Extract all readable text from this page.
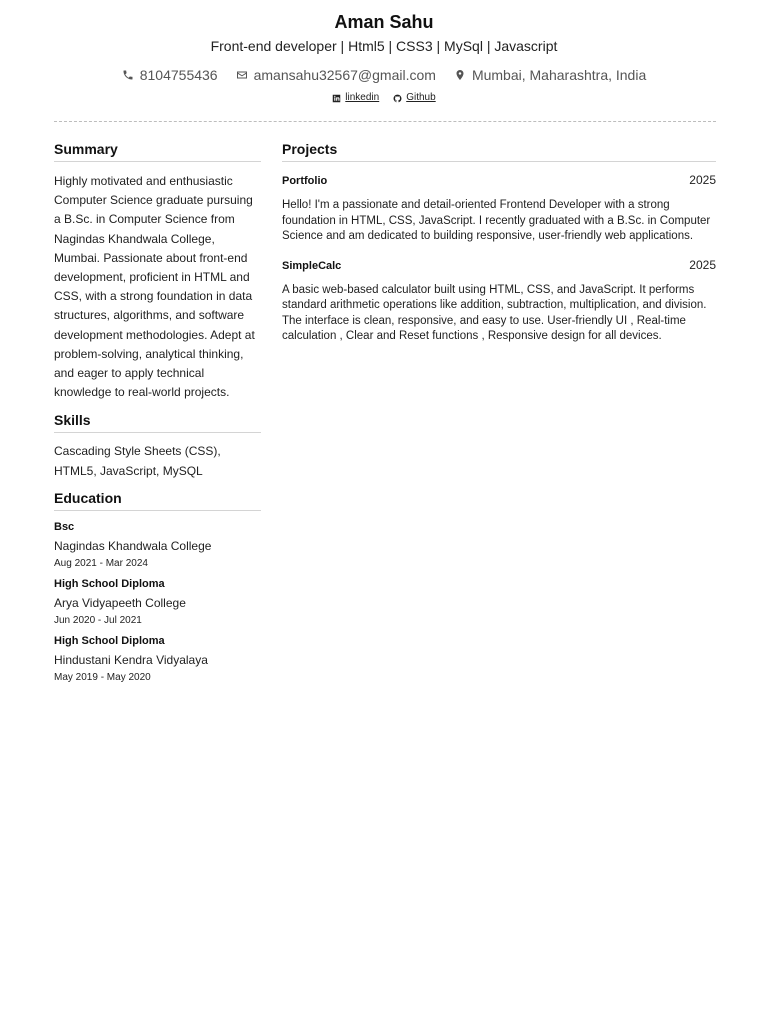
Aman Sahu
Front-end developer | Html5 | CSS3 | MySql | Javascript
8104755436	amansahu32567@gmail.com	Mumbai, Maharashtra, India
linkedin	Github
Summary

Highly motivated and enthusiastic Computer Science graduate pursuing a B.Sc. in Computer Science from Nagindas Khandwala College, Mumbai. Passionate about front-end development, proficient in HTML and CSS, with a strong foundation in data structures, algorithms, and software development methodologies. Adept at problem-solving, analytical thinking, and eager to apply technical knowledge to real-world projects.

Skills

Cascading Style Sheets (CSS), HTML5, JavaScript, MySQL

Education
Bsc
Nagindas Khandwala College
Aug 2021 - Mar 2024
High School Diploma
Arya Vidyapeeth College
Jun 2020 - Jul 2021
High School Diploma
Hindustani Kendra Vidyalaya
May 2019 - May 2020
Projects
Portfolio	2025

Hello! I'm a passionate and detail-oriented Frontend Developer with a strong foundation in HTML, CSS, JavaScript. I recently graduated with a B.Sc. in Computer Science and am dedicated to building responsive, user-friendly web applications.

SimpleCalc	2025

A basic web-based calculator built using HTML, CSS, and JavaScript. It performs standard arithmetic operations like addition, subtraction, multiplication, and division. The interface is clean, responsive, and easy to use. User-friendly UI , Real-time calculation , Clear and Reset functions , Responsive design for all devices.
